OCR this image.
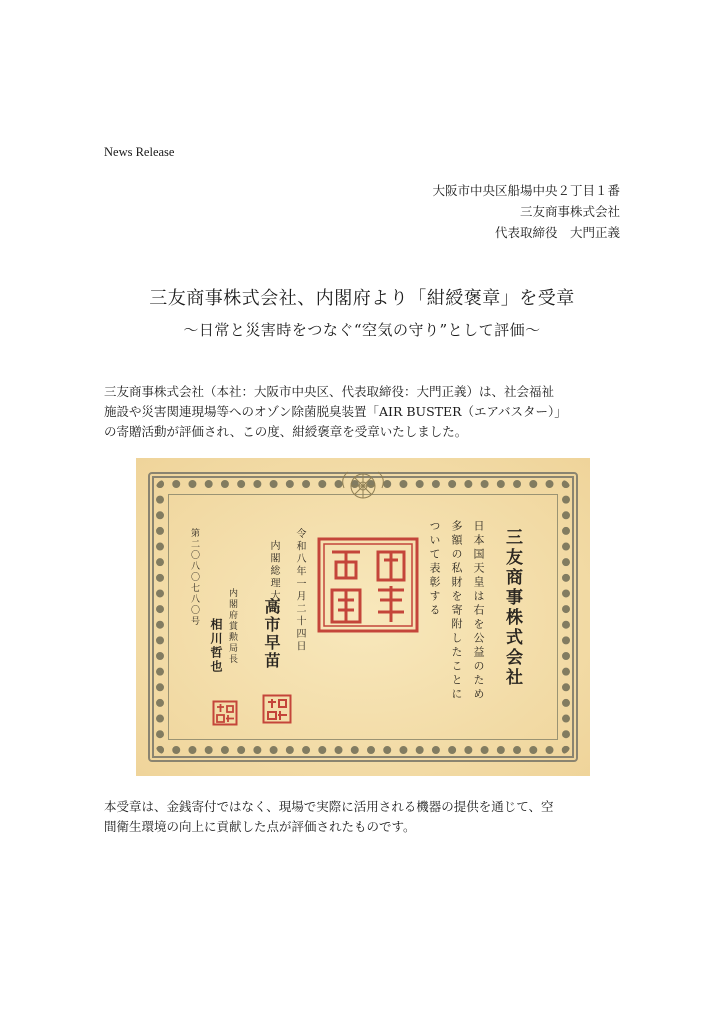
News Release
大阪市中央区船場中央２丁目１番
三友商事株式会社
代表取締役　大門正義
三友商事株式会社、内閣府より「紺綬褒章」を受章
～日常と災害時をつなぐ“空気の守り”として評価～
三友商事株式会社（本社：大阪市中央区、代表取締役：大門正義）は、社会福祉
施設や災害関連現場等へのオゾン除菌脱臭装置「AIR BUSTER（エアバスター）」
の寄贈活動が評価され、この度、紺綬褒章を受章いたしました。
三友商事株式会社
日本国天皇は右を公益のため
多額の私財を寄附したことに
ついて表彰する
令和八年一月二十四日
内閣総理大臣
高市早苗
第二〇八〇七八〇号	内閣府賞勲局長
相川哲也
本受章は、金銭寄付ではなく、現場で実際に活用される機器の提供を通じて、空
間衛生環境の向上に貢献した点が評価されたものです。
